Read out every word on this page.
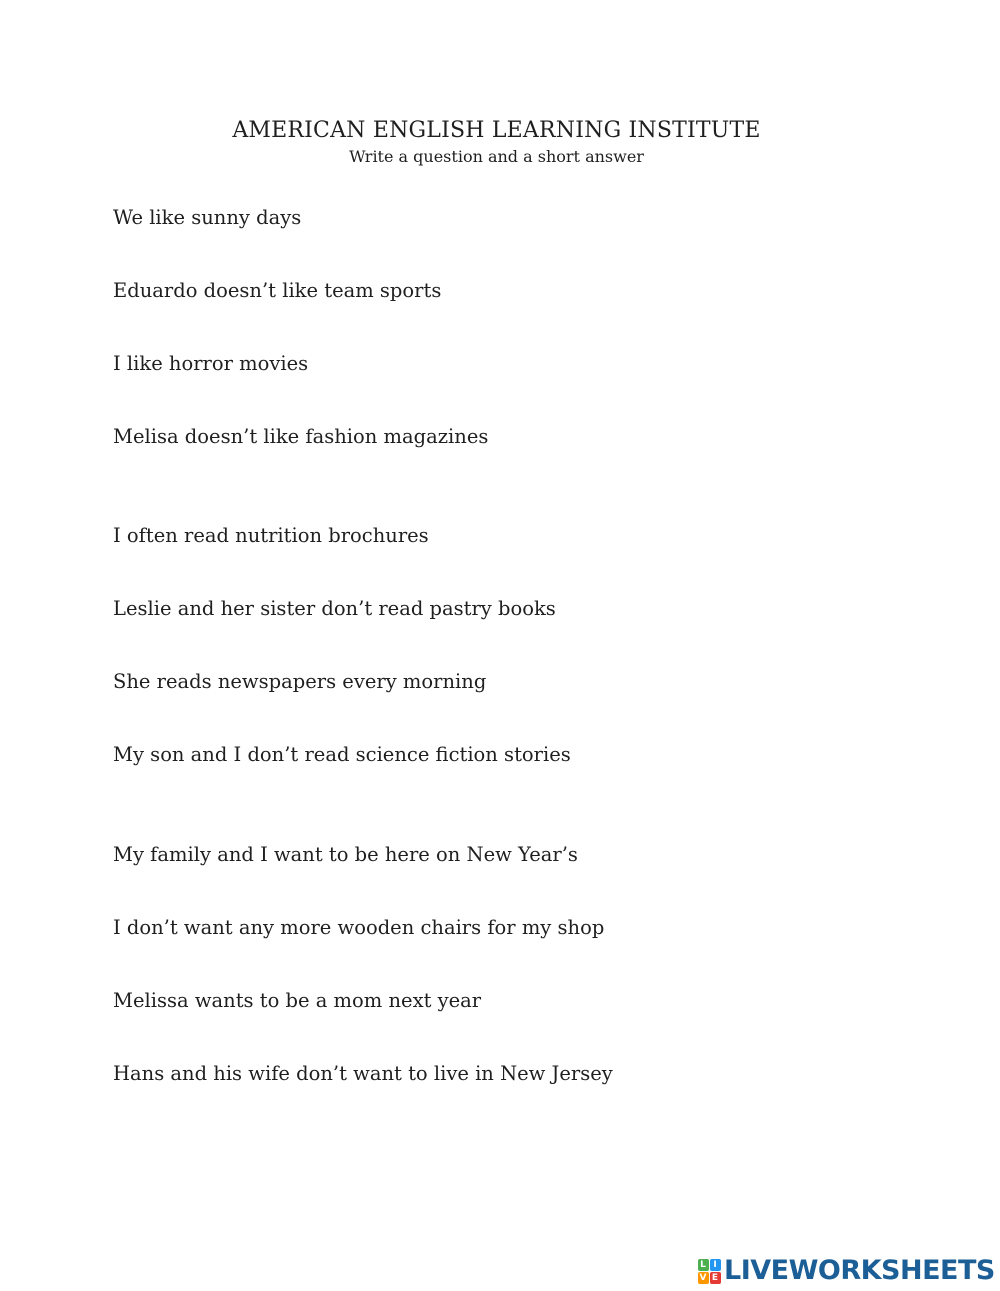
AMERICAN ENGLISH LEARNING INSTITUTE
Write a question and a short answer
We like sunny days
Eduardo doesn’t like team sports
I like horror movies
Melisa doesn’t like fashion magazines
I often read nutrition brochures
Leslie and her sister don’t read pastry books
She reads newspapers every morning
My son and I don’t read science fiction stories
My family and I want to be here on New Year’s
I don’t want any more wooden chairs for my shop
Melissa wants to be a mom next year
Hans and his wife don’t want to live in New Jersey
L I
V E LIVEWORKSHEETS
